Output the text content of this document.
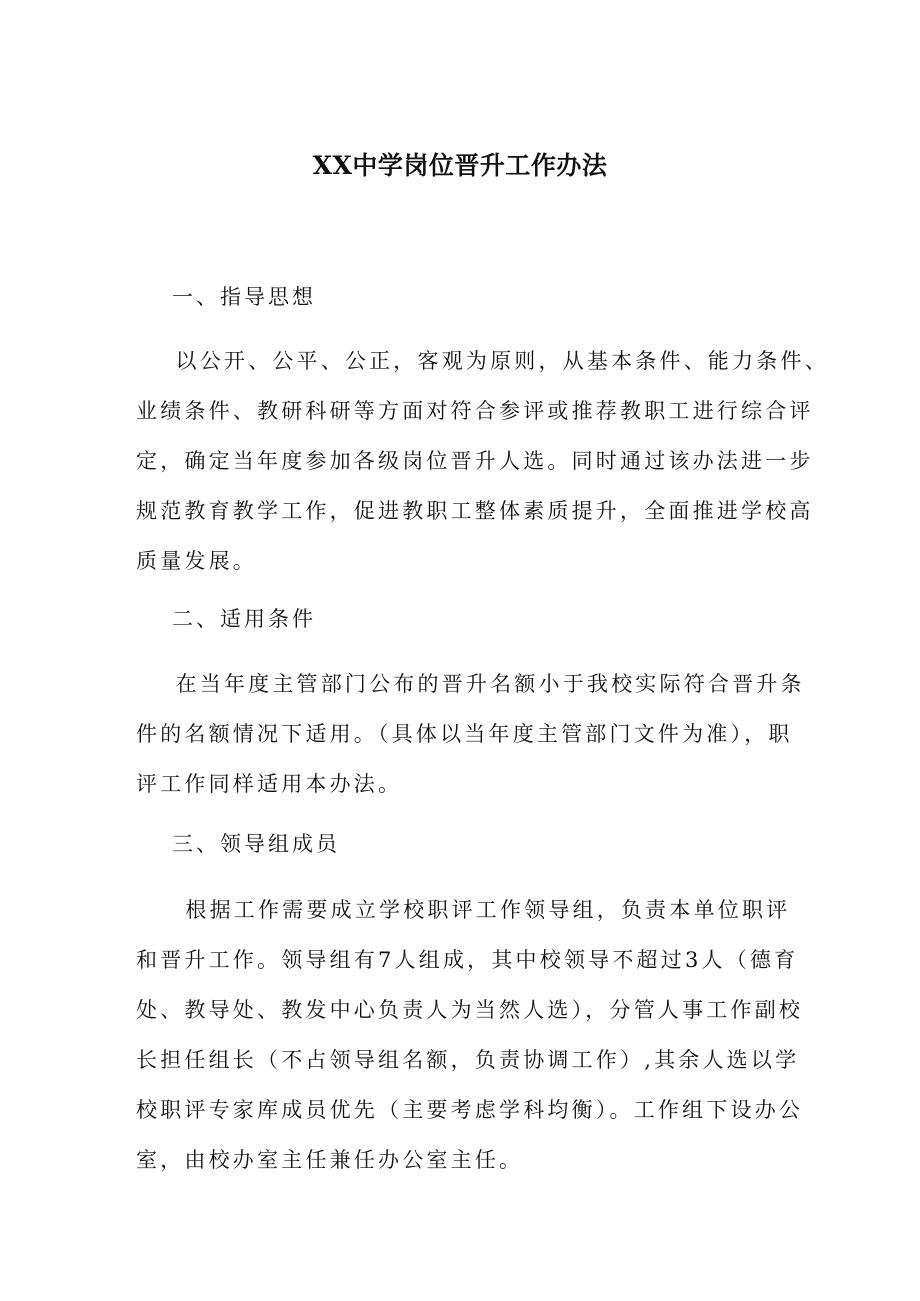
XX中学岗位晋升工作办法
一、指导思想
以公开、公平、公正，客观为原则，从基本条件、能力条件、
业绩条件、教研科研等方面对符合参评或推荐教职工进行综合评
定，确定当年度参加各级岗位晋升人选。同时通过该办法进一步
规范教育教学工作，促进教职工整体素质提升，全面推进学校高
质量发展。
二、适用条件
在当年度主管部门公布的晋升名额小于我校实际符合晋升条
件的名额情况下适用。（具体以当年度主管部门文件为准），职
评工作同样适用本办法。
三、领导组成员
根据工作需要成立学校职评工作领导组，负责本单位职评
和晋升工作。领导组有7人组成，其中校领导不超过3人（德育
处、教导处、教发中心负责人为当然人选），分管人事工作副校
长担任组长（不占领导组名额，负责协调工作）,其余人选以学
校职评专家库成员优先（主要考虑学科均衡）。工作组下设办公
室，由校办室主任兼任办公室主任。
